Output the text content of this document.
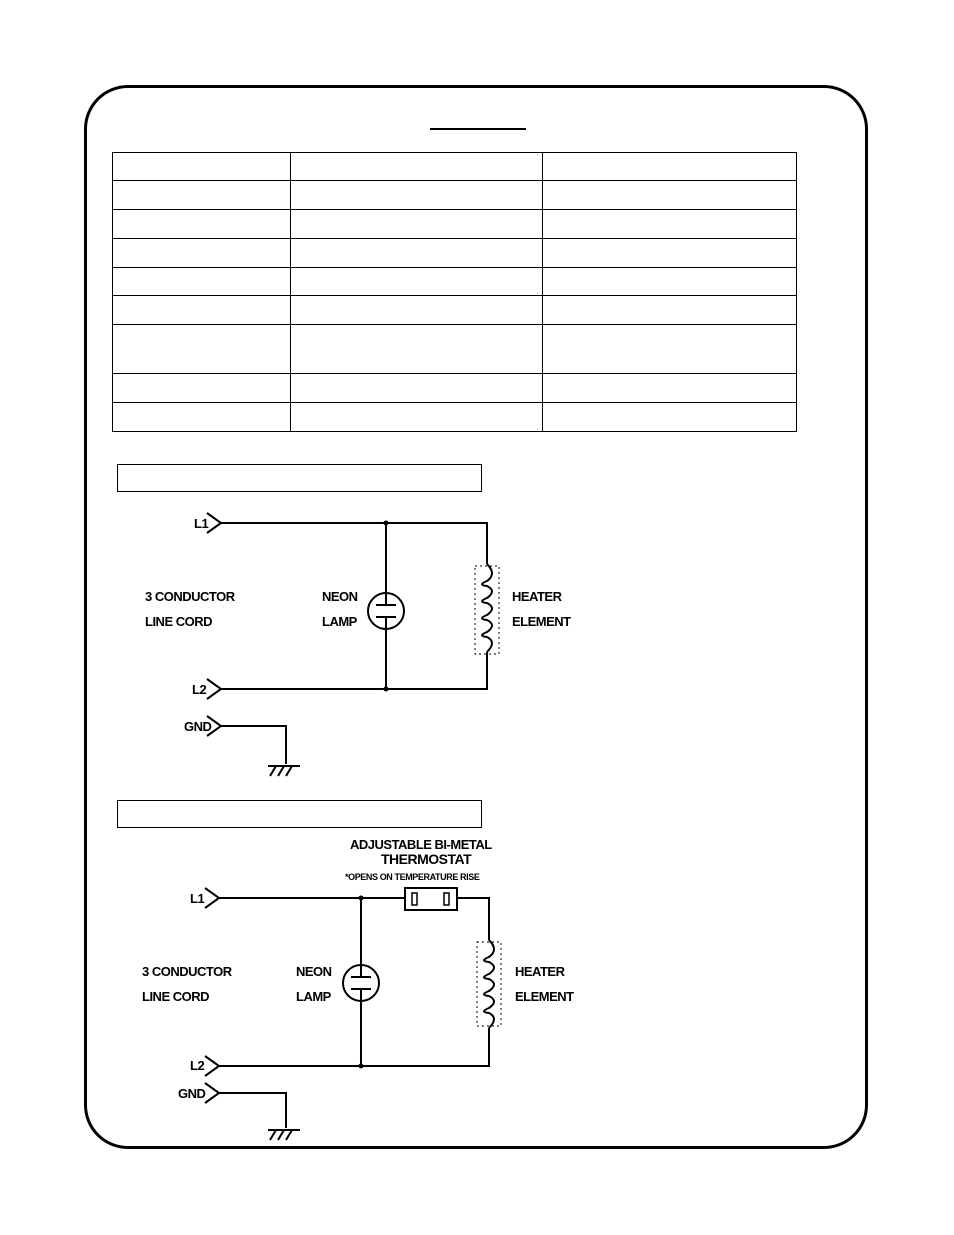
L1
L2
GND
3 CONDUCTOR
LINE CORD
NEON
LAMP
HEATER
ELEMENT
ADJUSTABLE BI-METAL
THERMOSTAT
*OPENS ON TEMPERATURE RISE
L1
L2
GND
3 CONDUCTOR
LINE CORD
NEON
LAMP
HEATER
ELEMENT
